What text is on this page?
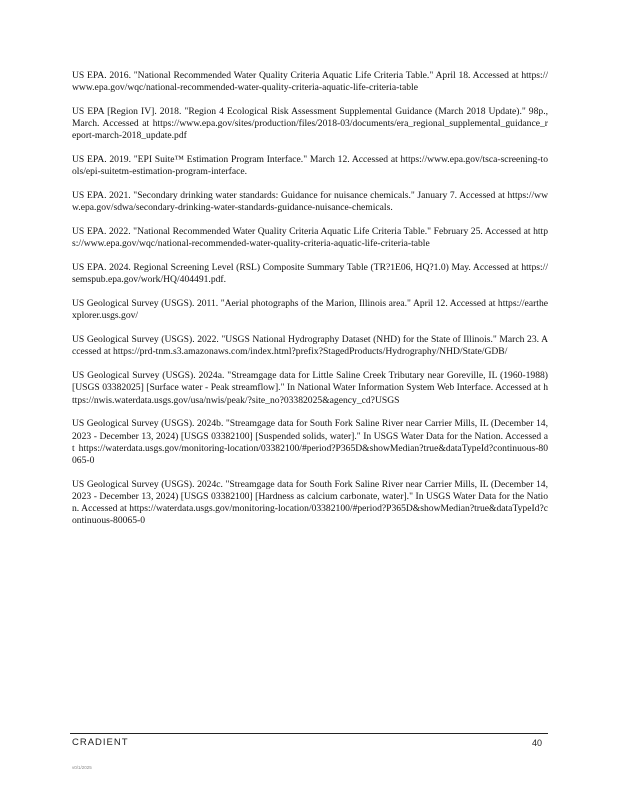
US EPA. 2016. "National Recommended Water Quality Criteria Aquatic Life Criteria Table." April 18. Accessed at https://www.epa.gov/wqc/national-recommended-water-quality-criteria-aquatic-life-criteria-table

US EPA [Region IV]. 2018. "Region 4 Ecological Risk Assessment Supplemental Guidance (March 2018 Update)." 98p., March. Accessed at https://www.epa.gov/sites/production/files/2018-03/documents/era_regional_supplemental_guidance_report-march-2018_update.pdf

US EPA. 2019. "EPI Suite™ Estimation Program Interface." March 12. Accessed at https://www.epa.gov/tsca-screening-tools/epi-suitetm-estimation-program-interface.

US EPA. 2021. "Secondary drinking water standards: Guidance for nuisance chemicals." January 7. Accessed at https://www.epa.gov/sdwa/secondary-drinking-water-standards-guidance-nuisance-chemicals.

US EPA. 2022. "National Recommended Water Quality Criteria Aquatic Life Criteria Table." February 25. Accessed at https://www.epa.gov/wqc/national-recommended-water-quality-criteria-aquatic-life-criteria-table

US EPA. 2024. Regional Screening Level (RSL) Composite Summary Table (TR?1E06, HQ?1.0) May. Accessed at https://semspub.epa.gov/work/HQ/404491.pdf.

US Geological Survey (USGS). 2011. "Aerial photographs of the Marion, Illinois area." April 12. Accessed at https://earthexplorer.usgs.gov/

US Geological Survey (USGS). 2022. "USGS National Hydrography Dataset (NHD) for the State of Illinois." March 23. Accessed at https://prd-tnm.s3.amazonaws.com/index.html?prefix?StagedProducts/Hydrography/NHD/State/GDB/

US Geological Survey (USGS). 2024a. "Streamgage data for Little Saline Creek Tributary near Goreville, IL (1960-1988) [USGS 03382025] [Surface water - Peak streamflow]." In National Water Information System Web Interface. Accessed at https://nwis.waterdata.usgs.gov/usa/nwis/peak/?site_no?03382025&agency_cd?USGS

US Geological Survey (USGS). 2024b. "Streamgage data for South Fork Saline River near Carrier Mills, IL (December 14, 2023 - December 13, 2024) [USGS 03382100] [Suspended solids, water]." In USGS Water Data for the Nation. Accessed at https://waterdata.usgs.gov/monitoring-location/03382100/#period?P365D&showMedian?true&dataTypeId?continuous-80065-0

US Geological Survey (USGS). 2024c. "Streamgage data for South Fork Saline River near Carrier Mills, IL (December 14, 2023 - December 13, 2024) [USGS 03382100] [Hardness as calcium carbonate, water]." In USGS Water Data for the Nation. Accessed at https://waterdata.usgs.gov/monitoring-location/03382100/#period?P365D&showMedian?true&dataTypeId?continuous-80065-0

CRADIENT	40
v0/1/2025
